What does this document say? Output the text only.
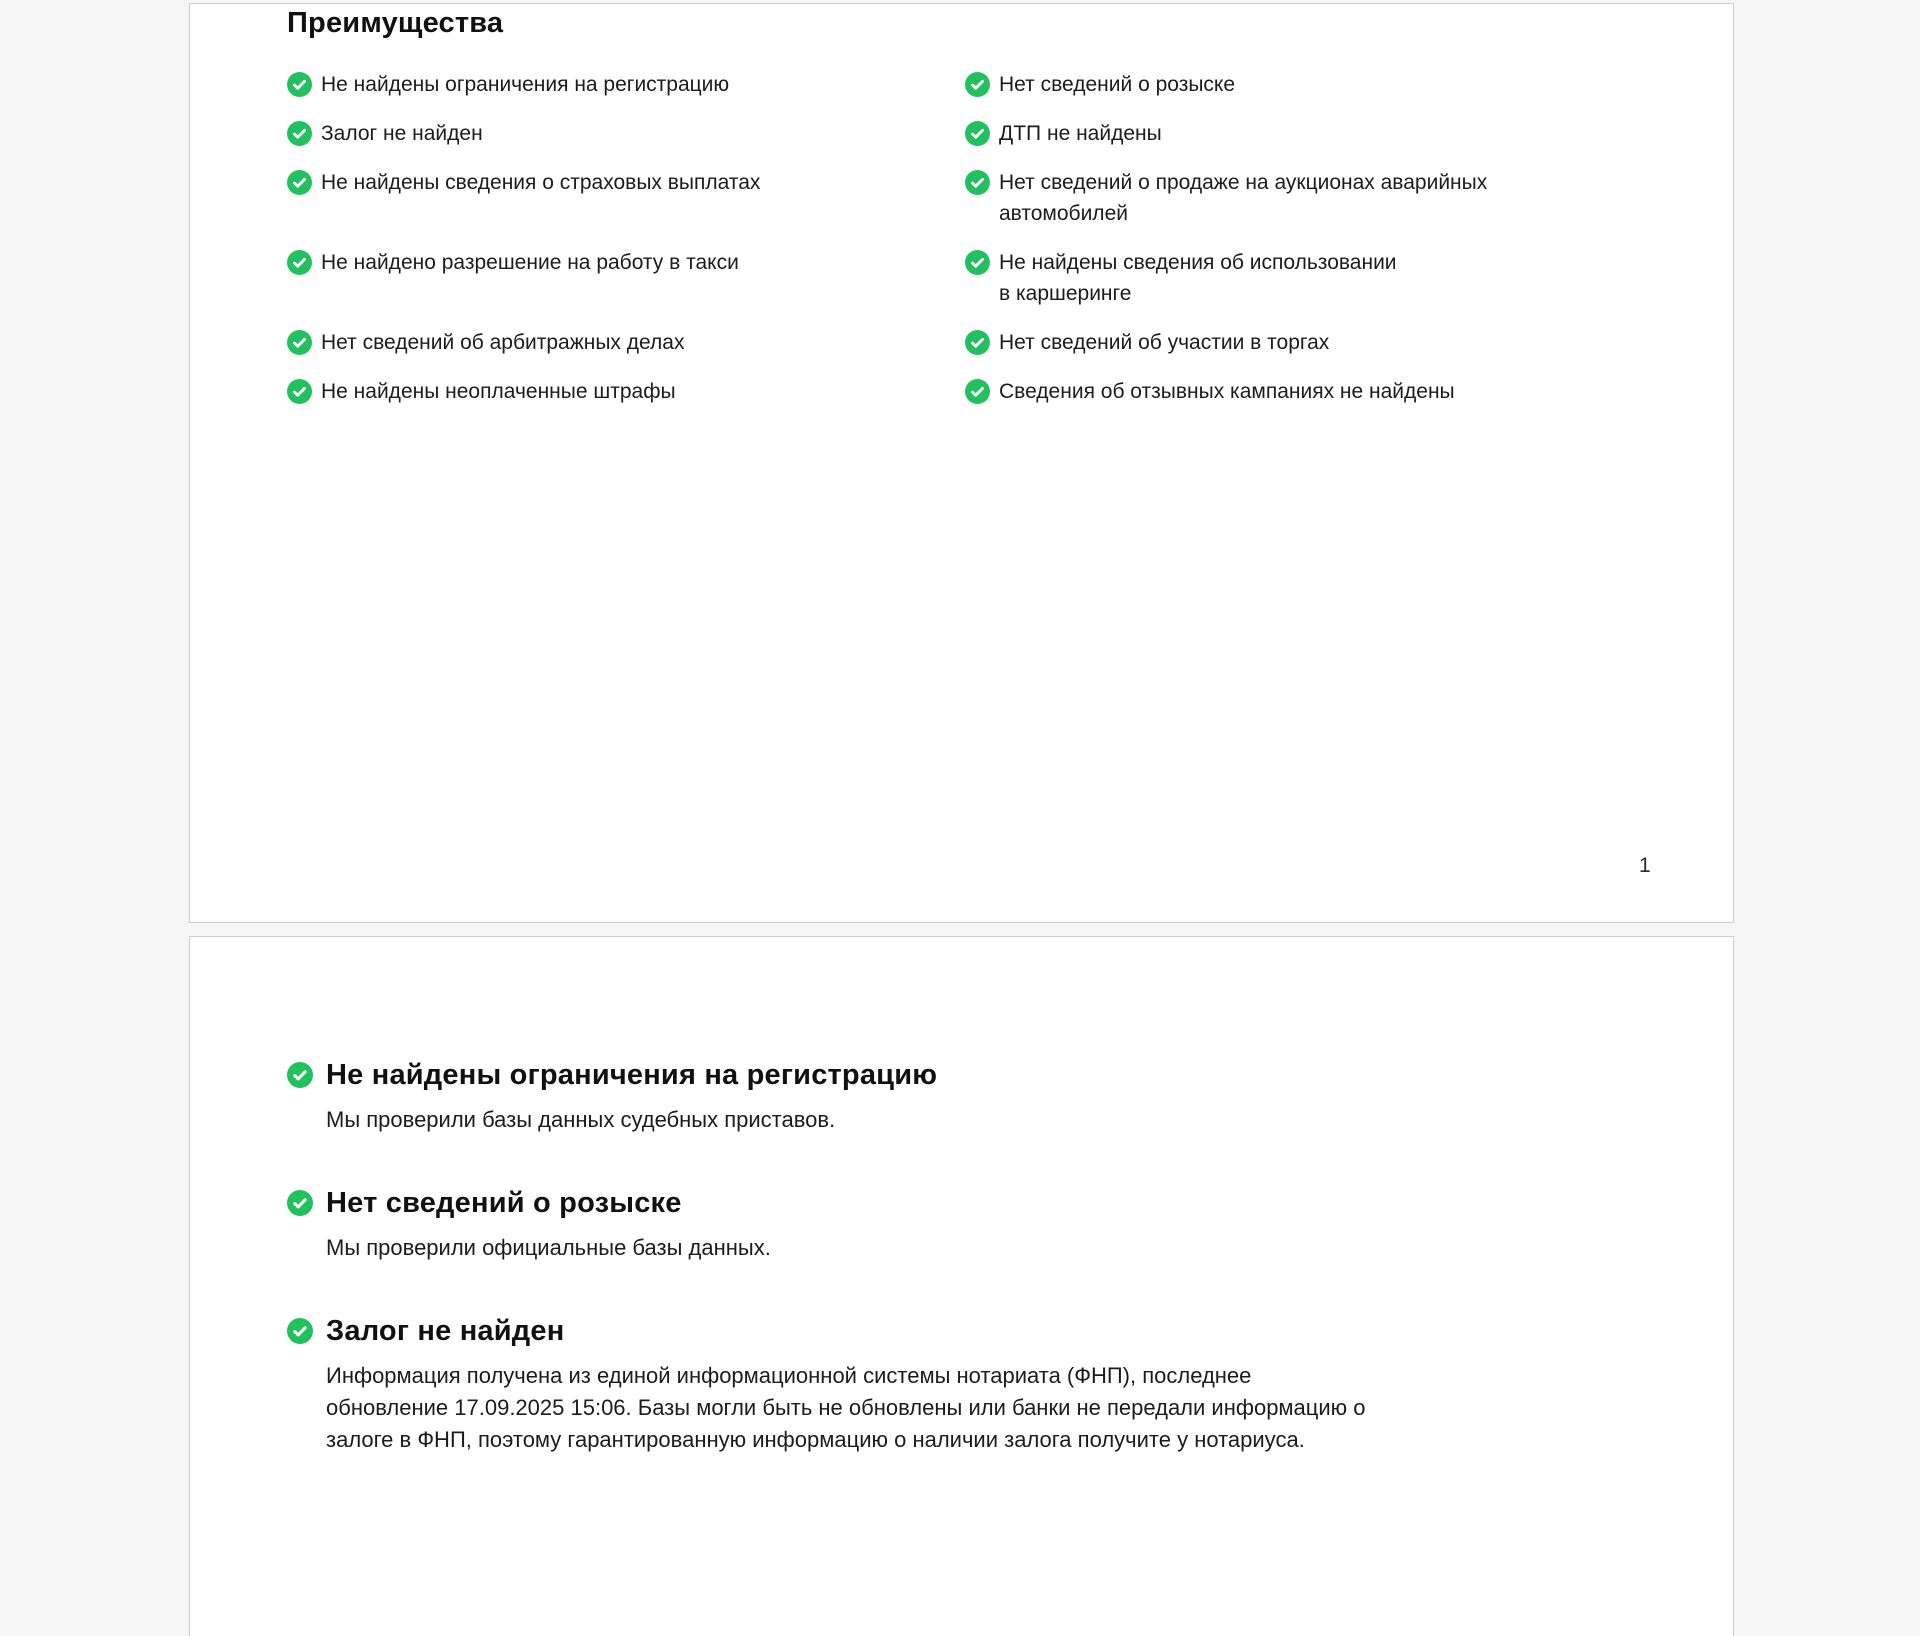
Преимущества
Не найдены ограничения на регистрацию	Нет сведений о розыске
Залог не найден	ДТП не найдены
Не найдены сведения о страховых выплатах	Нет сведений о продаже на аукционах аварийных
автомобилей
Не найдено разрешение на работу в такси	Не найдены сведения об использовании
в каршеринге
Нет сведений об арбитражных делах	Нет сведений об участии в торгах
Не найдены неоплаченные штрафы	Сведения об отзывных кампаниях не найдены
1
Не найдены ограничения на регистрацию
Мы проверили базы данных судебных приставов.
Нет сведений о розыске
Мы проверили официальные базы данных.
Залог не найден
Информация получена из единой информационной системы нотариата (ФНП), последнее
обновление 17.09.2025 15:06. Базы могли быть не обновлены или банки не передали информацию о
залоге в ФНП, поэтому гарантированную информацию о наличии залога получите у нотариуса.
